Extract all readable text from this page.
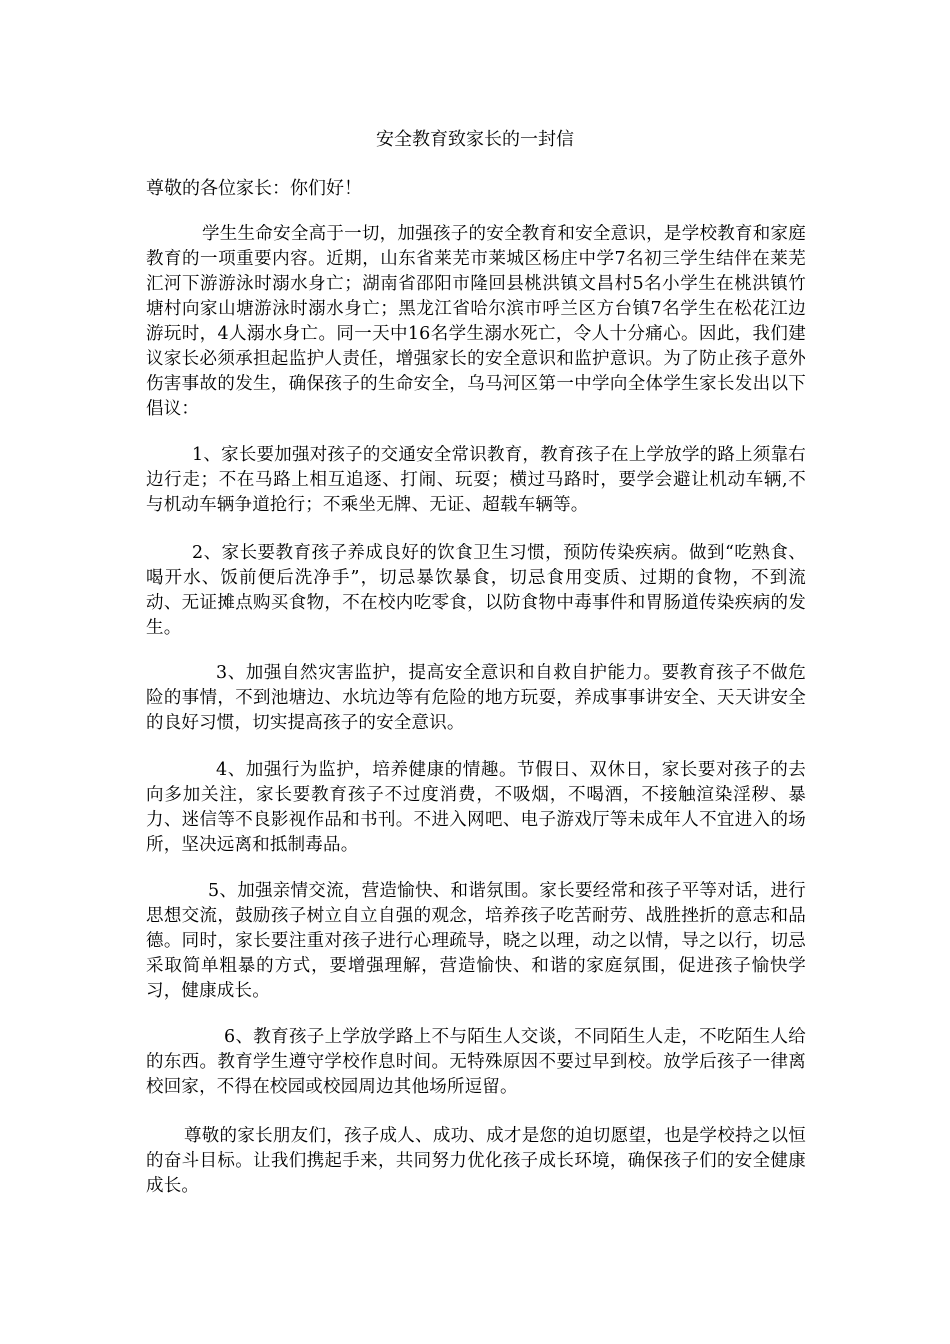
安全教育致家长的一封信

尊敬的各位家长：你们好！

学生生命安全高于一切，加强孩子的安全教育和安全意识，是学校教育和家庭教育的一项重要内容。近期，山东省莱芜市莱城区杨庄中学7名初三学生结伴在莱芜汇河下游游泳时溺水身亡；湖南省邵阳市隆回县桃洪镇文昌村5名小学生在桃洪镇竹塘村向家山塘游泳时溺水身亡；黑龙江省哈尔滨市呼兰区方台镇7名学生在松花江边游玩时，4人溺水身亡。同一天中16名学生溺水死亡，令人十分痛心。因此，我们建议家长必须承担起监护人责任，增强家长的安全意识和监护意识。为了防止孩子意外伤害事故的发生，确保孩子的生命安全，乌马河区第一中学向全体学生家长发出以下倡议：

1、家长要加强对孩子的交通安全常识教育，教育孩子在上学放学的路上须靠右边行走；不在马路上相互追逐、打闹、玩耍；横过马路时，要学会避让机动车辆,不与机动车辆争道抢行；不乘坐无牌、无证、超载车辆等。

2、家长要教育孩子养成良好的饮食卫生习惯，预防传染疾病。做到“吃熟食、喝开水、饭前便后洗净手”，切忌暴饮暴食，切忌食用变质、过期的食物，不到流动、无证摊点购买食物，不在校内吃零食，以防食物中毒事件和胃肠道传染疾病的发生。

3、加强自然灾害监护，提高安全意识和自救自护能力。要教育孩子不做危险的事情，不到池塘边、水坑边等有危险的地方玩耍，养成事事讲安全、天天讲安全的良好习惯，切实提高孩子的安全意识。

4、加强行为监护，培养健康的情趣。节假日、双休日，家长要对孩子的去向多加关注，家长要教育孩子不过度消费，不吸烟，不喝酒，不接触渲染淫秽、暴力、迷信等不良影视作品和书刊。不进入网吧、电子游戏厅等未成年人不宜进入的场所，坚决远离和抵制毒品。

5、加强亲情交流，营造愉快、和谐氛围。家长要经常和孩子平等对话，进行思想交流，鼓励孩子树立自立自强的观念，培养孩子吃苦耐劳、战胜挫折的意志和品德。同时，家长要注重对孩子进行心理疏导，晓之以理，动之以情，导之以行，切忌采取简单粗暴的方式，要增强理解，营造愉快、和谐的家庭氛围，促进孩子愉快学习，健康成长。

6、教育孩子上学放学路上不与陌生人交谈，不同陌生人走，不吃陌生人给的东西。教育学生遵守学校作息时间。无特殊原因不要过早到校。放学后孩子一律离校回家，不得在校园或校园周边其他场所逗留。

尊敬的家长朋友们，孩子成人、成功、成才是您的迫切愿望，也是学校持之以恒的奋斗目标。让我们携起手来，共同努力优化孩子成长环境，确保孩子们的安全健康成长。
